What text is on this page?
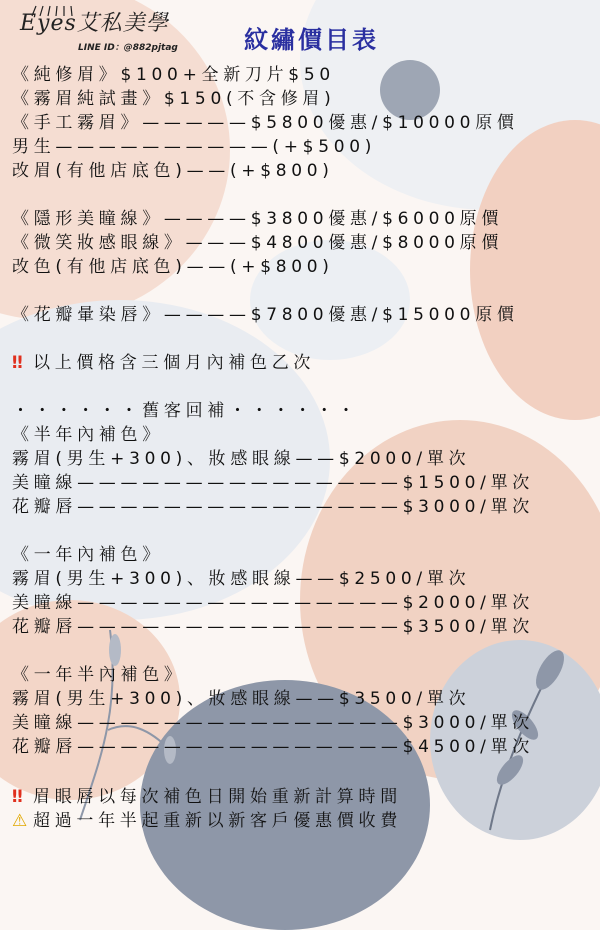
Eyes艾私美學
LINE ID：@882pjtag	紋繡價目表
《純修眉》$100+全新刀片$50
《霧眉純試畫》$150(不含修眉)
《手工霧眉》—————$5800優惠/$10000原價
男生——————————(+$500)
改眉(有他店底色)——(+$800)
《隱形美瞳線》————$3800優惠/$6000原價
《微笑妝感眼線》———$4800優惠/$8000原價
改色(有他店底色)——(+$800)
《花瓣暈染唇》————$7800優惠/$15000原價
‼ 以上價格含三個月內補色乙次
・・・・・・舊客回補・・・・・・
《半年內補色》
霧眉(男生+300)、妝感眼線——$2000/單次
美瞳線———————————————$1500/單次
花瓣唇———————————————$3000/單次
《一年內補色》
霧眉(男生+300)、妝感眼線——$2500/單次
美瞳線———————————————$2000/單次
花瓣唇———————————————$3500/單次
《一年半內補色》
霧眉(男生+300)、妝感眼線——$3500/單次
美瞳線———————————————$3000/單次
花瓣唇———————————————$4500/單次
‼ 眉眼唇以每次補色日開始重新計算時間
⚠ 超過一年半起重新以新客戶優惠價收費
